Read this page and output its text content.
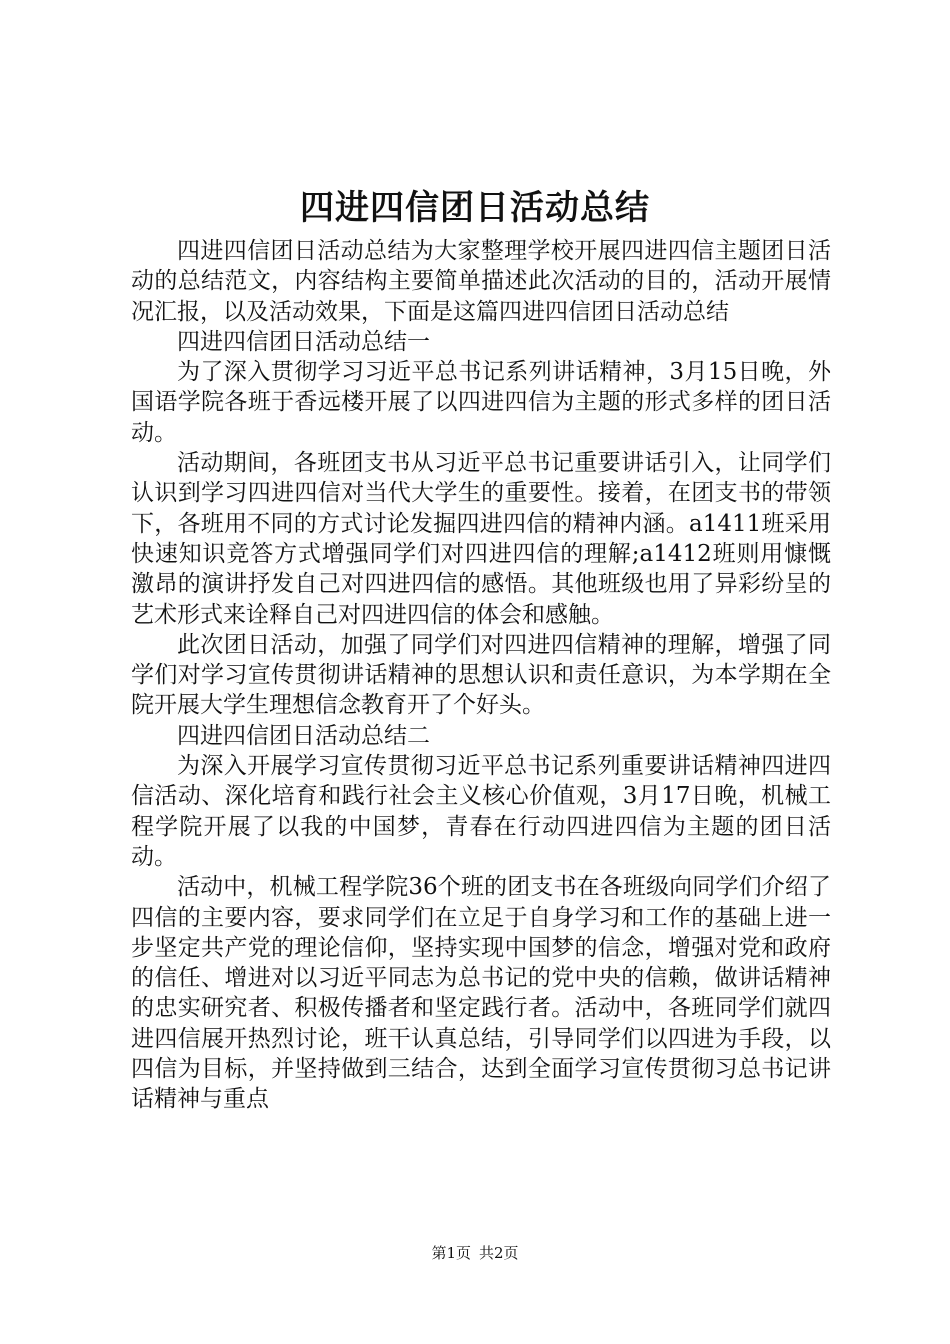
四进四信团日活动总结

四进四信团日活动总结为大家整理学校开展四进四信主题团日活动的总结范文，内容结构主要简单描述此次活动的目的，活动开展情况汇报，以及活动效果，下面是这篇四进四信团日活动总结

四进四信团日活动总结一

为了深入贯彻学习习近平总书记系列讲话精神，3月15日晚，外国语学院各班于香远楼开展了以四进四信为主题的形式多样的团日活动。

活动期间，各班团支书从习近平总书记重要讲话引入，让同学们认识到学习四进四信对当代大学生的重要性。接着，在团支书的带领下，各班用不同的方式讨论发掘四进四信的精神内涵。a1411班采用快速知识竞答方式增强同学们对四进四信的理解;a1412班则用慷慨激昂的演讲抒发自己对四进四信的感悟。其他班级也用了异彩纷呈的艺术形式来诠释自己对四进四信的体会和感触。

此次团日活动，加强了同学们对四进四信精神的理解，增强了同学们对学习宣传贯彻讲话精神的思想认识和责任意识，为本学期在全院开展大学生理想信念教育开了个好头。

四进四信团日活动总结二

为深入开展学习宣传贯彻习近平总书记系列重要讲话精神四进四信活动、深化培育和践行社会主义核心价值观，3月17日晚，机械工程学院开展了以我的中国梦，青春在行动四进四信为主题的团日活动。

活动中，机械工程学院36个班的团支书在各班级向同学们介绍了四信的主要内容，要求同学们在立足于自身学习和工作的基础上进一步坚定共产党的理论信仰，坚持实现中国梦的信念，增强对党和政府的信任、增进对以习近平同志为总书记的党中央的信赖，做讲话精神的忠实研究者、积极传播者和坚定践行者。活动中，各班同学们就四进四信展开热烈讨论，班干认真总结，引导同学们以四进为手段，以四信为目标，并坚持做到三结合，达到全面学习宣传贯彻习总书记讲话精神与重点

第1页 共2页
